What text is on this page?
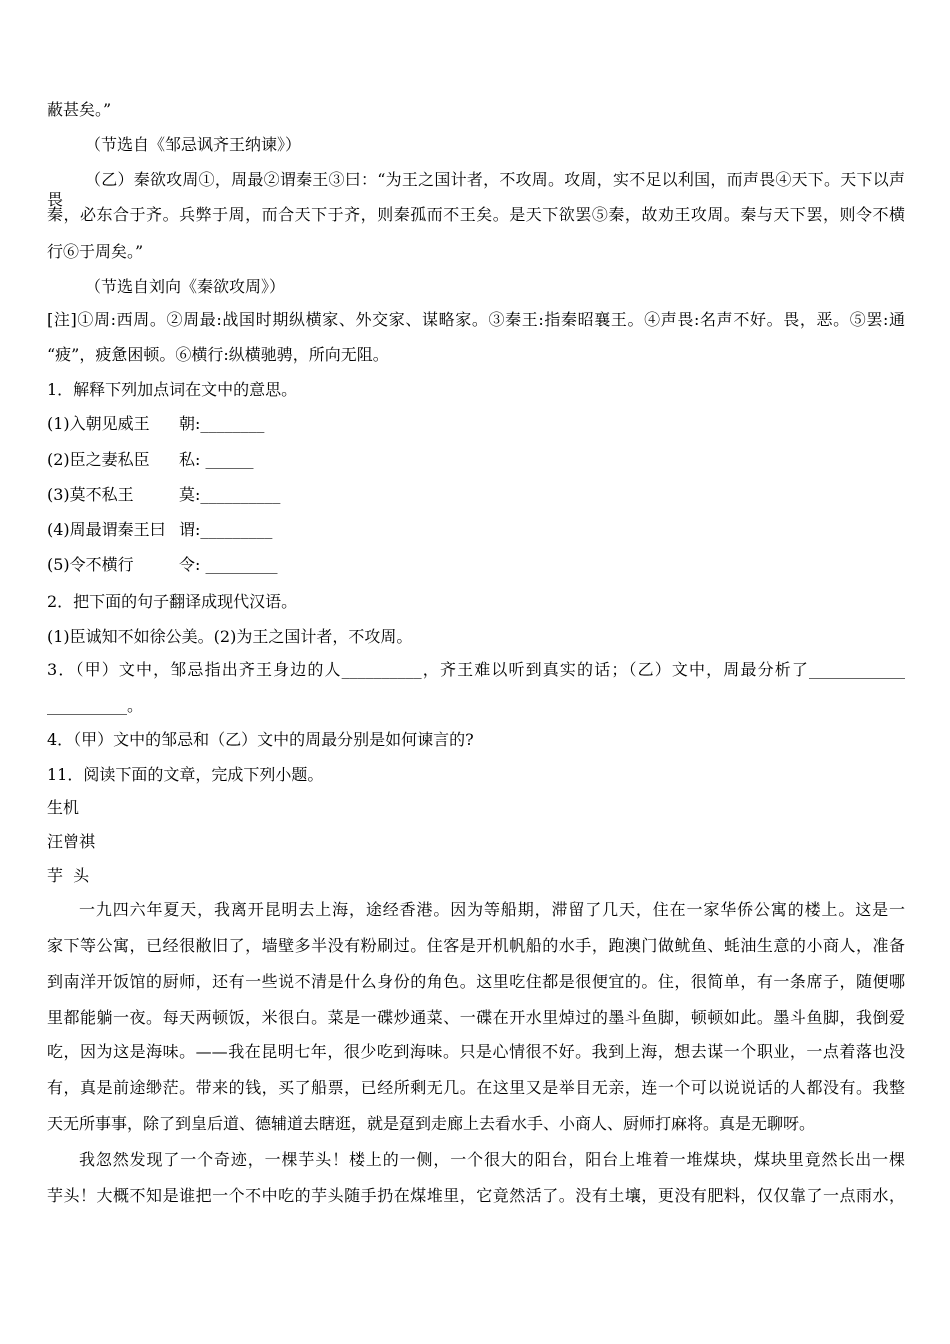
蔽甚矣。”
（节选自《邹忌讽齐王纳谏》）
（乙）秦欲攻周①，周最②谓秦王③曰：“为王之国计者，不攻周。攻周，实不足以利国，而声畏④天下。天下以声畏
秦，必东合于齐。兵弊于周，而合天下于齐，则秦孤而不王矣。是天下欲罢⑤秦，故劝王攻周。秦与天下罢，则令不横
行⑥于周矣。”
（节选自刘向《秦欲攻周》）
[注]①周:西周。②周最:战国时期纵横家、外交家、谋略家。③秦王:指秦昭襄王。④声畏:名声不好。畏，恶。⑤罢:通
“疲”，疲惫困顿。⑥横行:纵横驰骋，所向无阻。
1．解释下列加点词在文中的意思。
(1)入朝见威王 朝:________
(2)臣之妻私臣 私: ______
(3)莫不私王	莫:__________
(4)周最谓秦王曰 谓:_________
(5)令不横行	令: _________
2．把下面的句子翻译成现代汉语。
(1)臣诚知不如徐公美。(2)为王之国计者，不攻周。
3．（甲）文中，邹忌指出齐王身边的人__________，齐王难以听到真实的话；（乙）文中，周最分析了____________
__________。
4．（甲）文中的邹忌和（乙）文中的周最分别是如何谏言的?
11．阅读下面的文章，完成下列小题。
生机
汪曾祺
芋  头
一九四六年夏天，我离开昆明去上海，途经香港。因为等船期，滞留了几天，住在一家华侨公寓的楼上。这是一
家下等公寓，已经很敝旧了，墙壁多半没有粉刷过。住客是开机帆船的水手，跑澳门做鱿鱼、蚝油生意的小商人，准备
到南洋开饭馆的厨师，还有一些说不清是什么身份的角色。这里吃住都是很便宜的。住，很简单，有一条席子，随便哪
里都能躺一夜。每天两顿饭，米很白。菜是一碟炒通菜、一碟在开水里焯过的墨斗鱼脚，顿顿如此。墨斗鱼脚，我倒爱
吃，因为这是海味。——我在昆明七年，很少吃到海味。只是心情很不好。我到上海，想去谋一个职业，一点着落也没
有，真是前途缈茫。带来的钱，买了船票，已经所剩无几。在这里又是举目无亲，连一个可以说说话的人都没有。我整
天无所事事，除了到皇后道、德辅道去瞎逛，就是趸到走廊上去看水手、小商人、厨师打麻将。真是无聊呀。
我忽然发现了一个奇迹，一棵芋头！楼上的一侧，一个很大的阳台，阳台上堆着一堆煤块，煤块里竟然长出一棵
芋头！大概不知是谁把一个不中吃的芋头随手扔在煤堆里，它竟然活了。没有土壤，更没有肥料，仅仅靠了一点雨水，
